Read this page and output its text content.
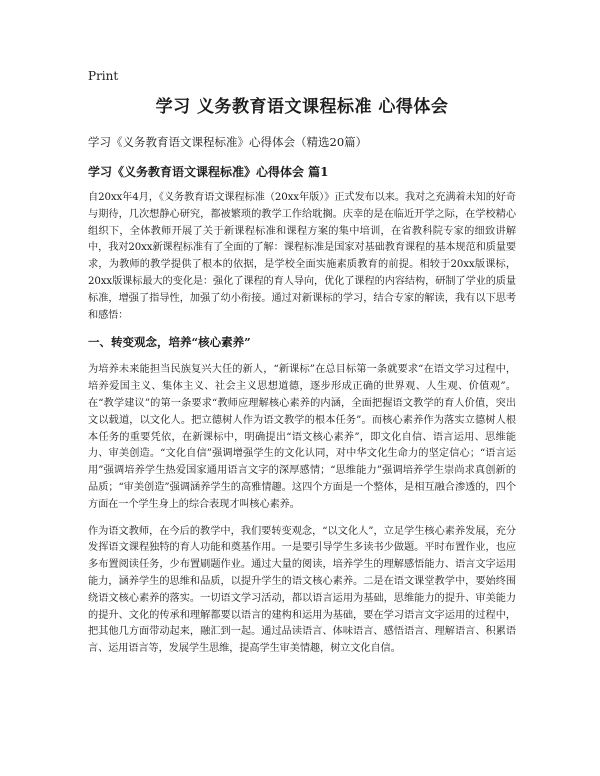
Print
学习 义务教育语文课程标准 心得体会
学习《义务教育语文课程标准》心得体会（精选20篇）
学习《义务教育语文课程标准》心得体会 篇1

自20xx年4月，《义务教育语文课程标准（20xx年版）》正式发布以来。我对之充满着未知的好奇与期待，几次想静心研究，都被繁琐的教学工作给耽搁。庆幸的是在临近开学之际，在学校精心组织下，全体教师开展了关于新课程标准和课程方案的集中培训，在省教科院专家的细致讲解中，我对20xx新课程标准有了全面的了解：课程标准是国家对基础教育课程的基本规范和质量要求，为教师的教学提供了根本的依据，是学校全面实施素质教育的前提。相较于20xx版课标，20xx版课标最大的变化是：强化了课程的育人导向，优化了课程的内容结构，研制了学业的质量标准，增强了指导性，加强了幼小衔接。通过对新课标的学习，结合专家的解读，我有以下思考和感悟：

一、转变观念，培养“核心素养”

为培养未来能担当民族复兴大任的新人，“新课标”在总目标第一条就要求“在语文学习过程中，培养爱国主义、集体主义、社会主义思想道德，逐步形成正确的世界观、人生观、价值观”。在“教学建议”的第一条要求“教师应理解核心素养的内涵，全面把握语文教学的育人价值，突出文以载道，以文化人。把立德树人作为语文教学的根本任务”。而核心素养作为落实立德树人根本任务的重要凭依，在新课标中，明确提出“语文核心素养”，即文化自信、语言运用、思维能力、审美创造。“文化自信”强调增强学生的文化认同，对中华文化生命力的坚定信心；“语言运用”强调培养学生热爱国家通用语言文字的深厚感情；“思维能力”强调培养学生崇尚求真创新的品质；“审美创造”强调涵养学生的高雅情趣。这四个方面是一个整体，是相互融合渗透的，四个方面在一个学生身上的综合表现才叫核心素养。

作为语文教师，在今后的教学中，我们要转变观念，“以文化人”，立足学生核心素养发展，充分发挥语文课程独特的育人功能和奠基作用。一是要引导学生多读书少做题。平时布置作业，也应多布置阅读任务，少布置刷题作业。通过大量的阅读，培养学生的理解感悟能力、语言文字运用能力，涵养学生的思维和品质，以提升学生的语文核心素养。二是在语文课堂教学中，要始终围绕语文核心素养的落实。一切语文学习活动，都以语言运用为基础，思维能力的提升、审美能力的提升、文化的传承和理解都要以语言的建构和运用为基础，要在学习语言文字运用的过程中，把其他几方面带动起来，融汇到一起。通过品读语言、体味语言、感悟语言、理解语言、积累语言、运用语言等，发展学生思维，提高学生审美情趣，树立文化自信。
